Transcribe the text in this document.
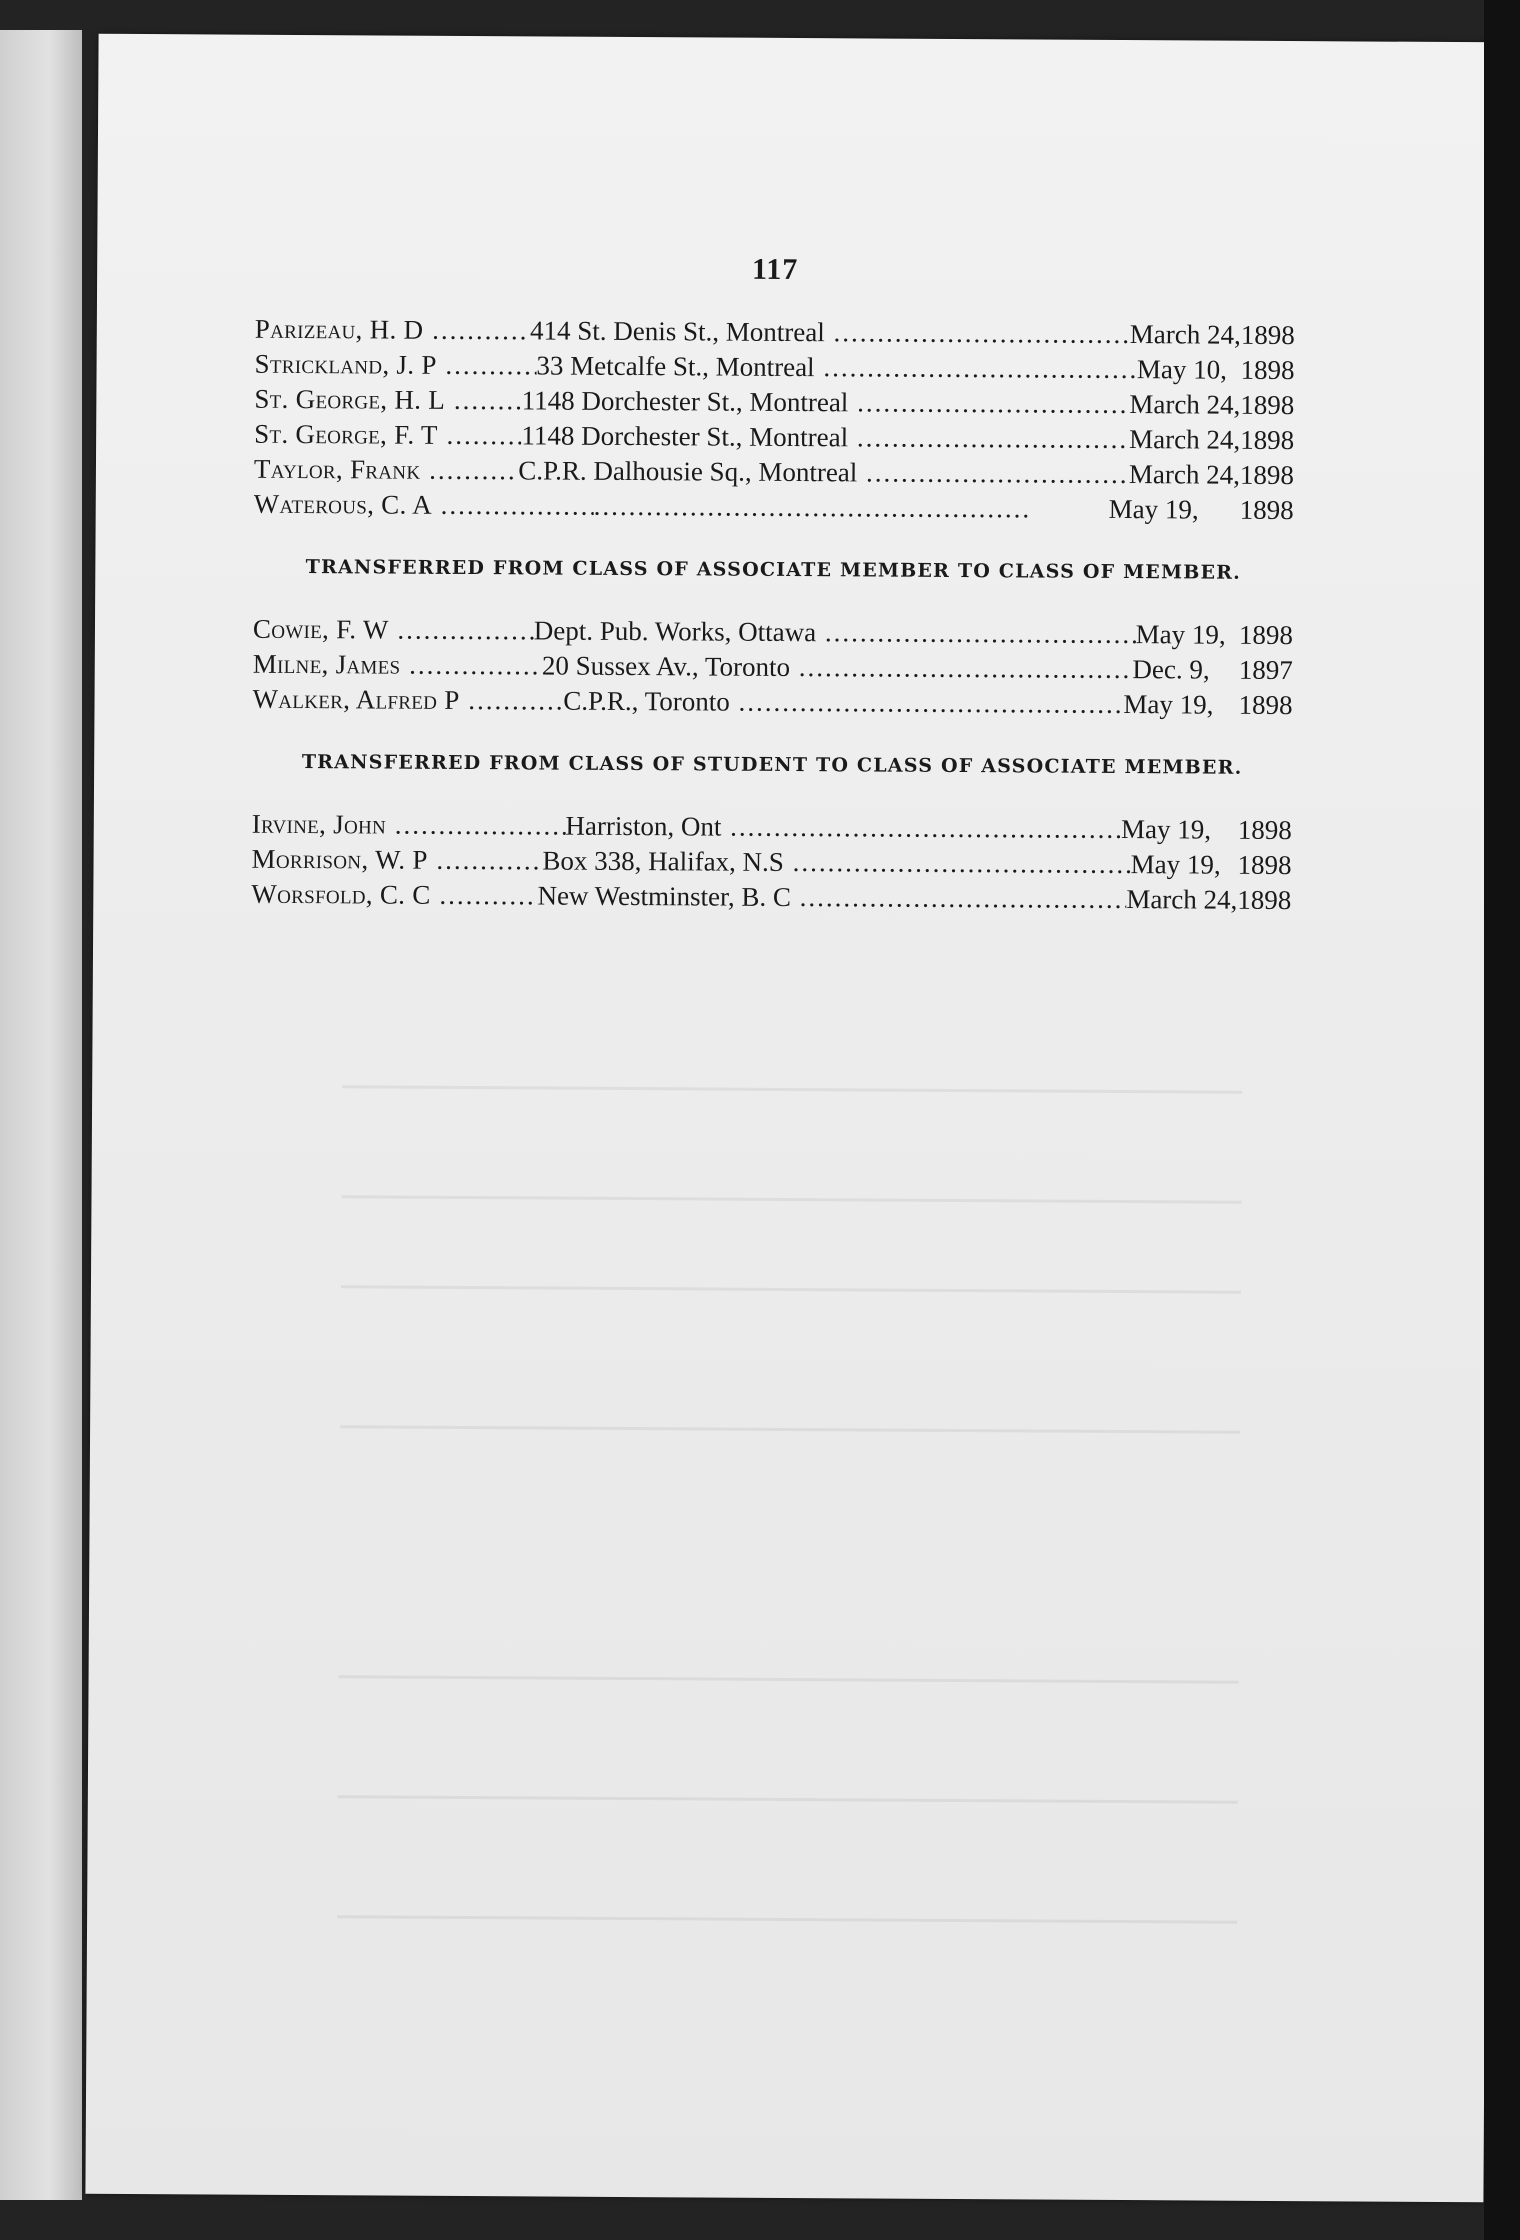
117
Parizeau, H. D .....	414 St. Denis St., Montreal .....	March 24, 1898
Strickland, J. P .....	33 Metcalfe St., Montreal .....	May 10, 1898
St. George, H. L .....	1148 Dorchester St., Montreal .....	March 24, 1898
St. George, F. T .....	1148 Dorchester St., Montreal .....	March 24, 1898
Taylor, Frank .....	C.P.R. Dalhousie Sq., Montreal .....	March 24, 1898
Waterous, C. A .....
.....	May 19,	1898
TRANSFERRED FROM CLASS OF ASSOCIATE MEMBER TO CLASS OF MEMBER.
Cowie, F. W .....	Dept. Pub. Works, Ottawa .....	May 19, 1898
Milne, James .....	20 Sussex Av., Toronto .....	Dec. 9,	1897
Walker, Alfred P .....	C.P.R., Toronto .....	May 19, 1898
TRANSFERRED FROM CLASS OF STUDENT TO CLASS OF ASSOCIATE MEMBER.
Irvine, John .....	Harriston, Ont .....	May 19, 1898
Morrison, W. P .....	Box 338, Halifax, N.S .....	May 19, 1898
Worsfold, C. C .....	New Westminster, B. C .....	March 24, 1898
